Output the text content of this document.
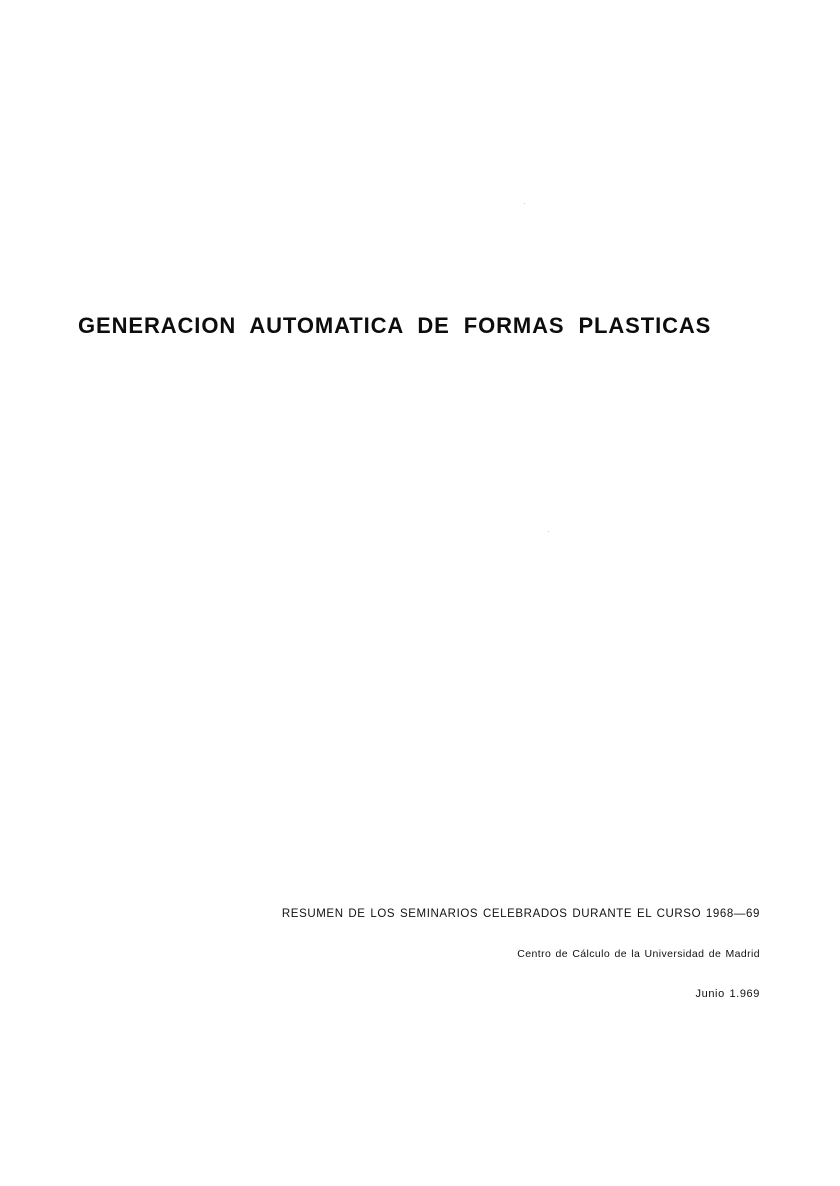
GENERACION AUTOMATICA DE FORMAS PLASTICAS

RESUMEN DE LOS SEMINARIOS CELEBRADOS DURANTE EL CURSO 1968—69

Centro de Cálculo de la Universidad de Madrid

Junio 1.969
